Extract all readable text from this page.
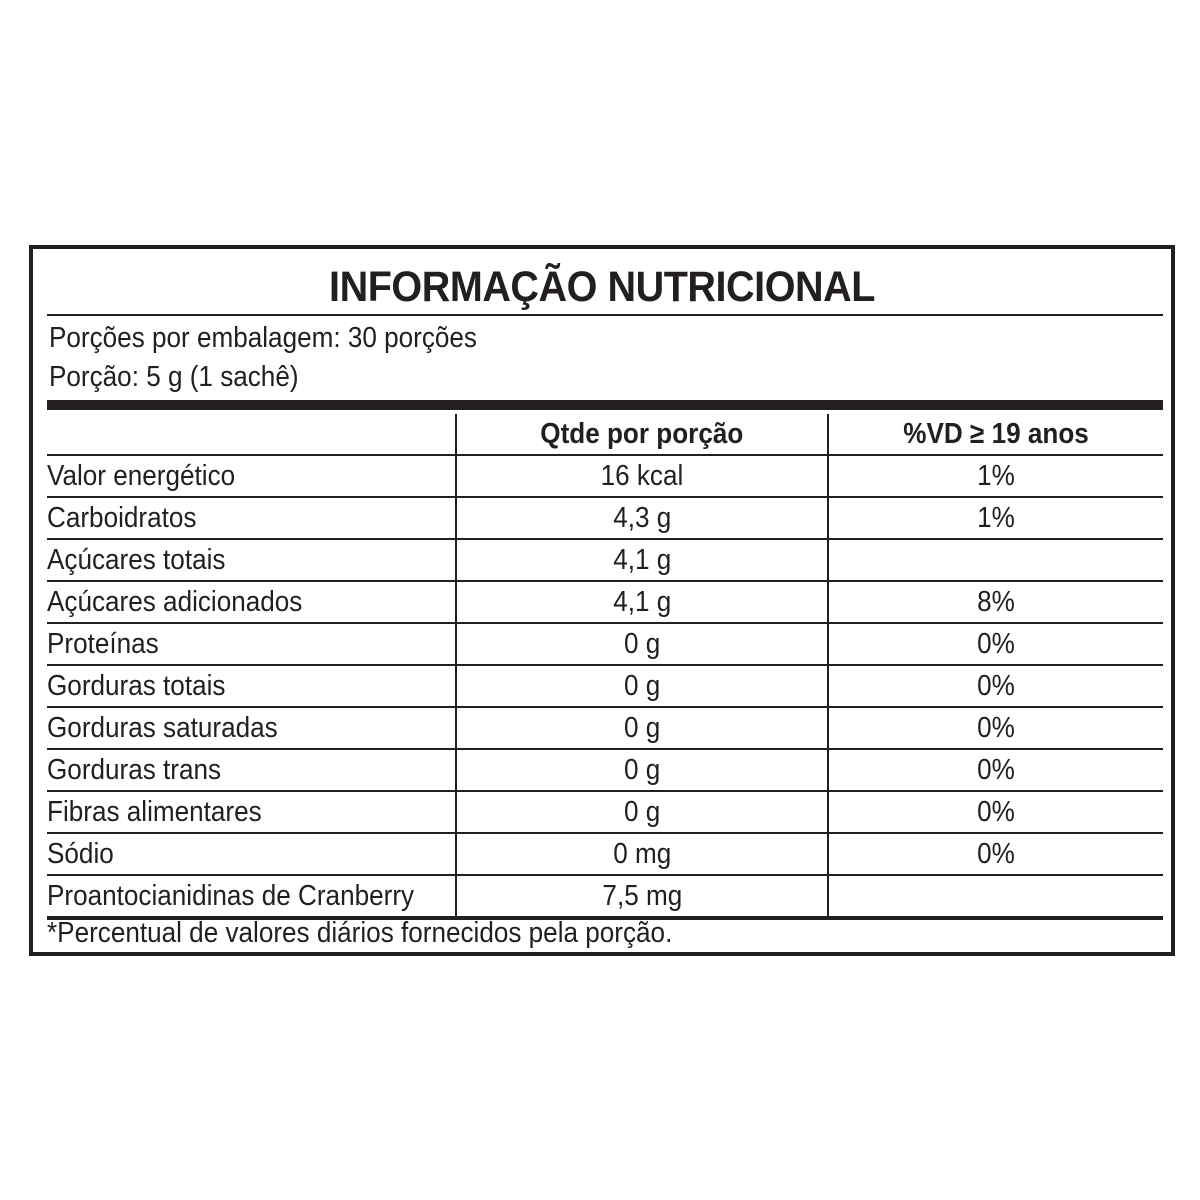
INFORMAÇÃO NUTRICIONAL
Porções por embalagem: 30 porções
Porção: 5 g (1 sachê)
	Qtde por porção	%VD ≥ 19 anos
Valor energético	16 kcal	1%
Carboidratos	4,3 g	1%
Açúcares totais	4,1 g	
Açúcares adicionados	4,1 g	8%
Proteínas	0 g	0%
Gorduras totais	0 g	0%
Gorduras saturadas	0 g	0%
Gorduras trans	0 g	0%
Fibras alimentares	0 g	0%
Sódio	0 mg	0%
Proantocianidinas de Cranberry	7,5 mg	
*Percentual de valores diários fornecidos pela porção.
